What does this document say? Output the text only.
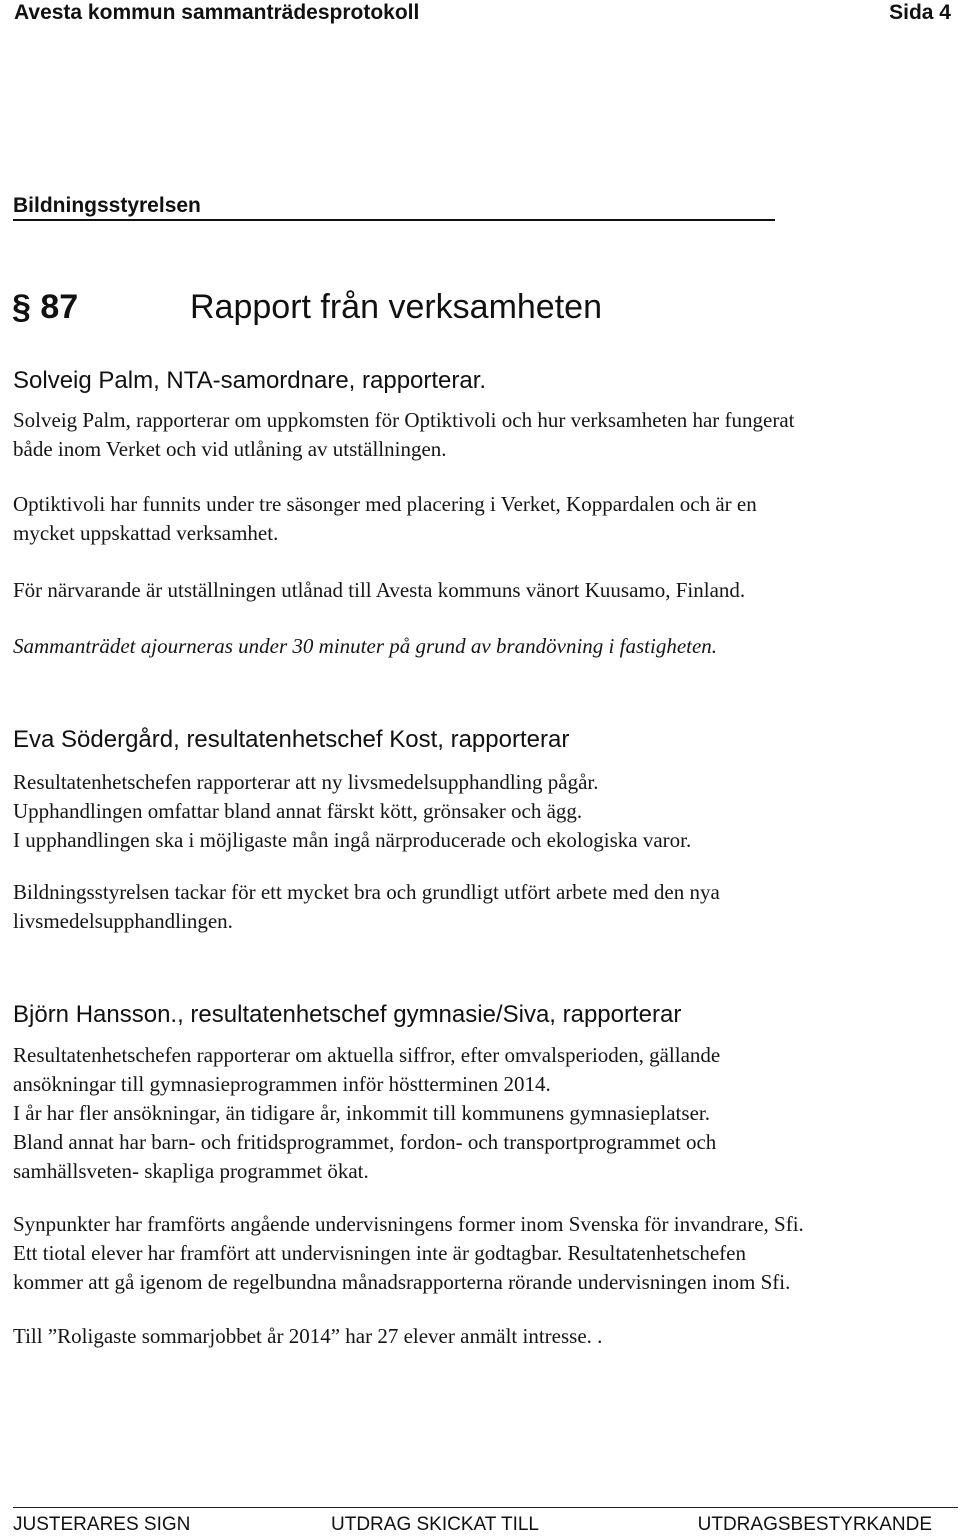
Avesta kommun sammanträdesprotokoll	Sida 4
Bildningsstyrelsen
§ 87	Rapport från verksamheten
Solveig Palm, NTA-samordnare, rapporterar.
Solveig Palm, rapporterar om uppkomsten för Optiktivoli och hur verksamheten har fungerat
både inom Verket och vid utlåning av utställningen.
Optiktivoli har funnits under tre säsonger med placering i Verket, Koppardalen och är en
mycket uppskattad verksamhet.
För närvarande är utställningen utlånad till Avesta kommuns vänort Kuusamo, Finland.
Sammanträdet ajourneras under 30 minuter på grund av brandövning i fastigheten.
Eva Södergård, resultatenhetschef Kost, rapporterar
Resultatenhetschefen rapporterar att ny livsmedelsupphandling pågår.
Upphandlingen omfattar bland annat färskt kött, grönsaker och ägg.
I upphandlingen ska i möjligaste mån ingå närproducerade och ekologiska varor.
Bildningsstyrelsen tackar för ett mycket bra och grundligt utfört arbete med den nya
livsmedelsupphandlingen.
Björn Hansson., resultatenhetschef gymnasie/Siva, rapporterar
Resultatenhetschefen rapporterar om aktuella siffror, efter omvalsperioden, gällande
ansökningar till gymnasieprogrammen inför höstterminen 2014.
I år har fler ansökningar, än tidigare år, inkommit till kommunens gymnasieplatser.
Bland annat har barn- och fritidsprogrammet, fordon- och transportprogrammet och
samhällsveten- skapliga programmet ökat.
Synpunkter har framförts angående undervisningens former inom Svenska för invandrare, Sfi.
Ett tiotal elever har framfört att undervisningen inte är godtagbar. Resultatenhetschefen
kommer att gå igenom de regelbundna månadsrapporterna rörande undervisningen inom Sfi.
Till ”Roligaste sommarjobbet år 2014” har 27 elever anmält intresse. .
JUSTERARES SIGN	UTDRAG SKICKAT TILL	UTDRAGSBESTYRKANDE
